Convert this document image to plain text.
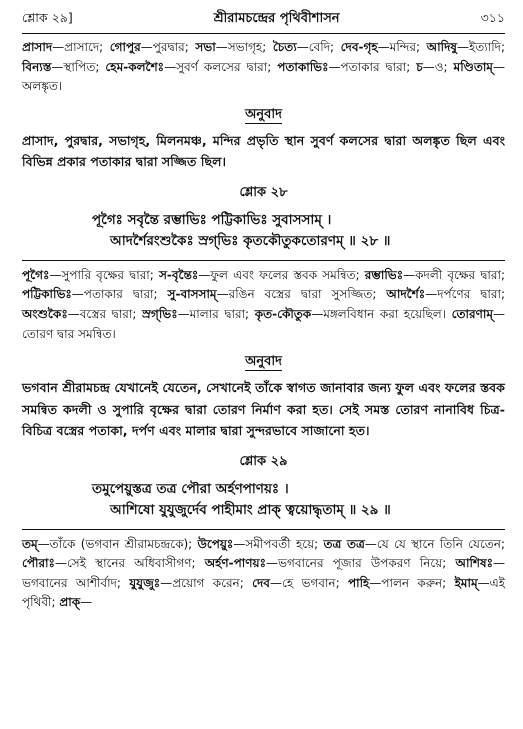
শ্লোক ২৯]	শ্রীরামচন্দ্রের পৃথিবীশাসন	৩১১
প্রাসাদ—প্রাসাদে; গোপুর—পুরদ্বার; সভা—সভাগৃহ; চৈত্য—বেদি; দেব-গৃহ—মন্দির; আদিষু—ইত্যাদি; বিন্যস্ত—স্থাপিত; হেম-কলশৈঃ—সুবর্ণ কলসের দ্বারা; পতাকাভিঃ—পতাকার দ্বারা; চ—ও; মণ্ডিতাম্—অলঙ্কৃত।
অনুবাদ
প্রাসাদ, পুরদ্বার, সভাগৃহ, মিলনমঞ্চ, মন্দির প্রভৃতি স্থান সুবর্ণ কলসের দ্বারা অলঙ্কৃত ছিল এবং বিভিন্ন প্রকার পতাকার দ্বারা সজ্জিত ছিল।
শ্লোক ২৮
পূগৈঃ সবৃন্তৈ রম্ভাভিঃ পট্টিকাভিঃ সুবাসসাম্ ।
আদর্শৈরংশুকৈঃ স্রগ্‌ভিঃ কৃতকৌতুকতোরণম্ ॥ ২৮ ॥
পূগৈঃ—সুপারি বৃক্ষের দ্বারা; স-বৃন্তৈঃ—ফুল এবং ফলের স্তবক সমন্বিত; রম্ভাভিঃ—কদলী বৃক্ষের দ্বারা; পট্টিকাভিঃ—পতাকার দ্বারা; সু-বাসসাম্—রঙিন বস্ত্রের দ্বারা সুসজ্জিত; আদর্শৈঃ—দর্পণের দ্বারা; অংশুকৈঃ—বস্ত্রের দ্বারা; স্রগ্‌ভিঃ—মালার দ্বারা; কৃত-কৌতুক—মঙ্গলবিধান করা হয়েছিল। তোরণাম্—তোরণ দ্বার সমন্বিত।
অনুবাদ
ভগবান শ্রীরামচন্দ্র যেখানেই যেতেন, সেখানেই তাঁকে স্বাগত জানাবার জন্য ফুল এবং ফলের স্তবক সমন্বিত কদলী ও সুপারি বৃক্ষের দ্বারা তোরণ নির্মাণ করা হত। সেই সমস্ত তোরণ নানাবিধ চিত্র-বিচিত্র বস্ত্রের পতাকা, দর্পণ এবং মালার দ্বারা সুন্দরভাবে সাজানো হত।
শ্লোক ২৯
তমুপেয়ুস্তত্র তত্র পৌরা অর্হণপাণয়ঃ ।
আশিষো যুযুজুর্দেব পাহীমাং প্রাক্ ত্বয়োদ্ধৃতাম্ ॥ ২৯ ॥
তম্—তাঁকে (ভগবান শ্রীরামচন্দ্রকে); উপেয়ুঃ—সমীপবর্তী হয়ে; তত্র তত্র—যে যে স্থানে তিনি যেতেন; পৌরাঃ—সেই স্থানের অধিবাসীগণ; অর্হণ-পাণয়ঃ—ভগবানের পূজার উপকরণ নিয়ে; আশিষঃ—ভগবানের আশীর্বাদ; যুযুজুঃ—প্রয়োগ করেন; দেব—হে ভগবান; পাহি—পালন করুন; ইমাম্—এই পৃথিবী; প্রাক্—
